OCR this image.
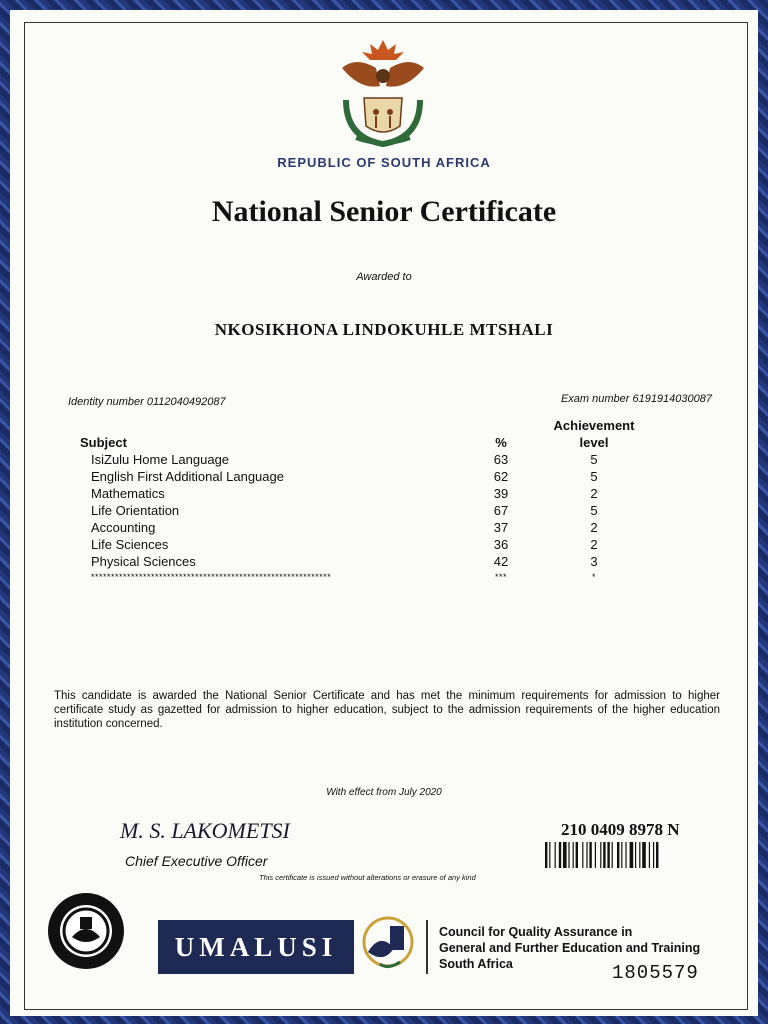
REPUBLIC OF SOUTH AFRICA
National Senior Certificate
Awarded to
NKOSIKHONA LINDOKUHLE MTSHALI
Identity number 0112040492087	Exam number 6191914030087
Achievement
Subject	%	level
IsiZulu Home Language	63	5
English First Additional Language	62	5
Mathematics	39	2
Life Orientation	67	5
Accounting	37	2
Life Sciences	36	2
Physical Sciences	42	3
************************************************************	***	*
This candidate is awarded the National Senior Certificate and has met the minimum requirements for admission to higher certificate study as gazetted for admission to higher education, subject to the admission requirements of the higher education institution concerned.
With effect from July 2020
M. S. LAKOMETSI
Chief Executive Officer
This certificate is issued without alterations or erasure of any kind
210 0409 8978 N
UMALUSI	Council for Quality Assurance in
General and Further Education and Training
South Africa	1805579
